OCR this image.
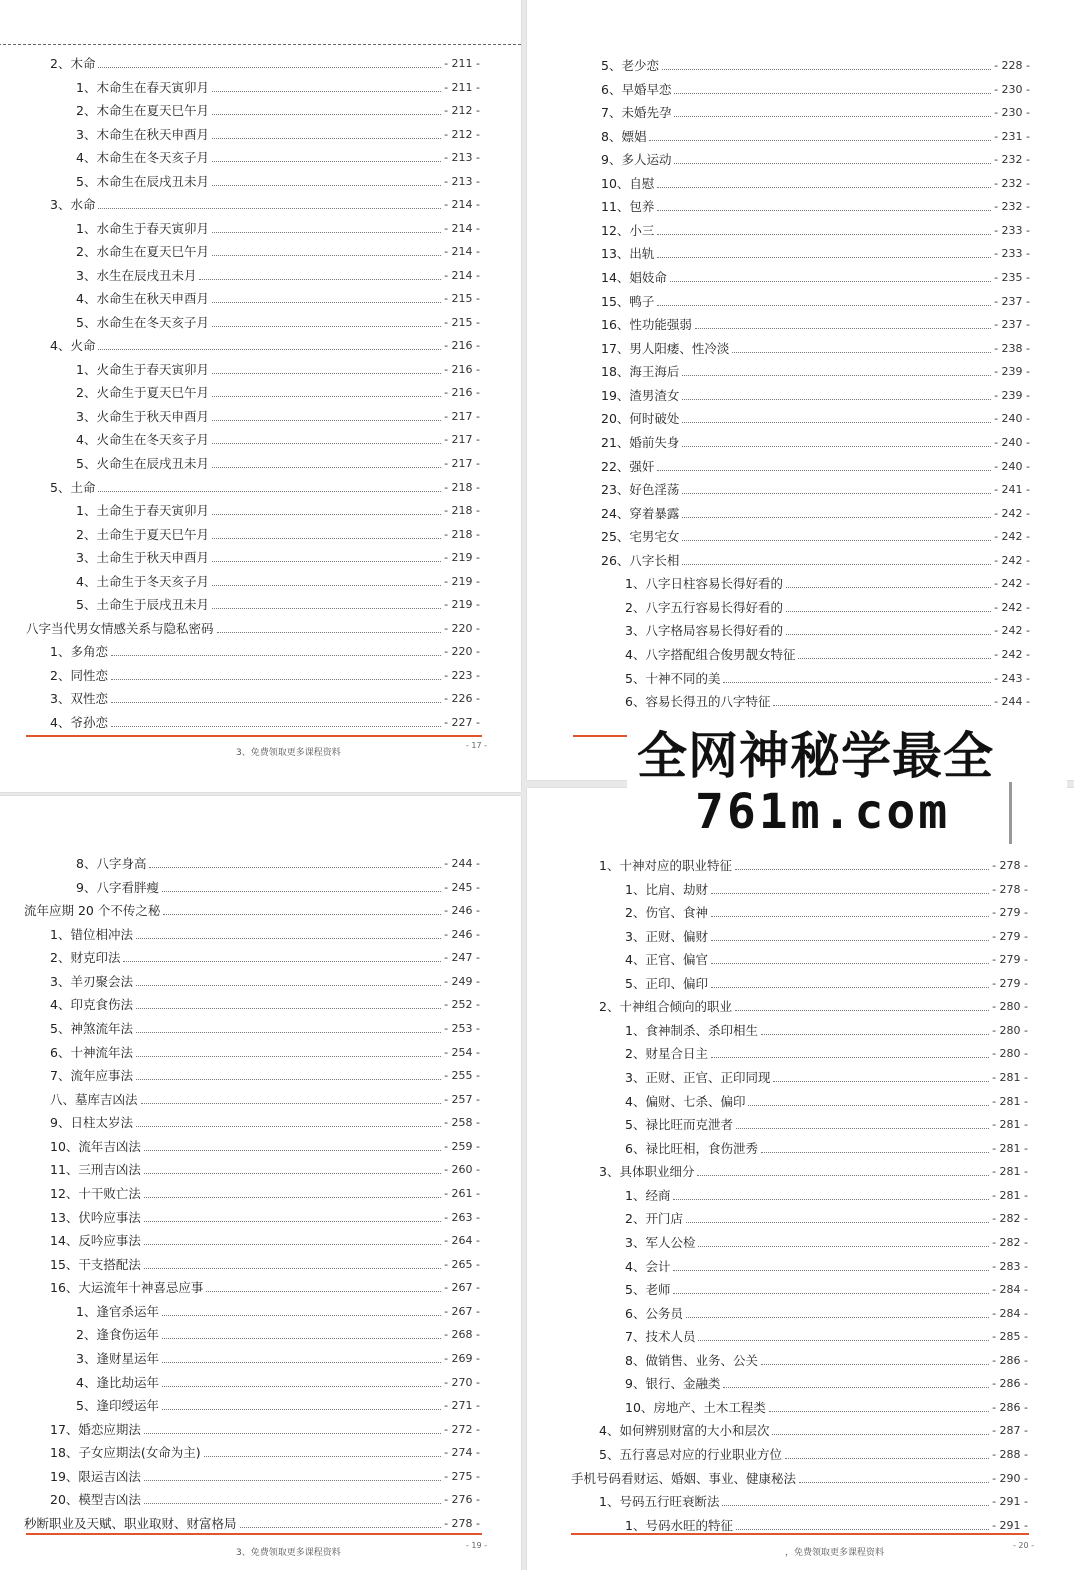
2、木命	- 211 -
1、木命生在春天寅卯月	- 211 -
2、木命生在夏天巳午月	- 212 -
3、木命生在秋天申酉月	- 212 -
4、木命生在冬天亥子月	- 213 -
5、木命生在辰戌丑未月	- 213 -
3、水命	- 214 -
1、水命生于春天寅卯月	- 214 -
2、水命生在夏天巳午月	- 214 -
3、水生在辰戌丑未月	- 214 -
4、水命生在秋天申酉月	- 215 -
5、水命生在冬天亥子月	- 215 -
4、火命	- 216 -
1、火命生于春天寅卯月	- 216 -
2、火命生于夏天巳午月	- 216 -
3、火命生于秋天申酉月	- 217 -
4、火命生在冬天亥子月	- 217 -
5、火命生在辰戌丑未月	- 217 -
5、土命	- 218 -
1、土命生于春天寅卯月	- 218 -
2、土命生于夏天巳午月	- 218 -
3、土命生于秋天申酉月	- 219 -
4、土命生于冬天亥子月	- 219 -
5、土命生于辰戌丑未月	- 219 -
八字当代男女情感关系与隐私密码	- 220 -
1、多角恋	- 220 -
2、同性恋	- 223 -
3、双性恋	- 226 -
4、爷孙恋	- 227 -
3、免费领取更多课程资料
- 17 -
5、老少恋	- 228 -
6、早婚早恋	- 230 -
7、未婚先孕	- 230 -
8、嫖娼	- 231 -
9、多人运动	- 232 -
10、自慰	- 232 -
11、包养	- 232 -
12、小三	- 233 -
13、出轨	- 233 -
14、娼妓命	- 235 -
15、鸭子	- 237 -
16、性功能强弱	- 237 -
17、男人阳痿、性冷淡	- 238 -
18、海王海后	- 239 -
19、渣男渣女	- 239 -
20、何时破处	- 240 -
21、婚前失身	- 240 -
22、强奸	- 240 -
23、好色淫荡	- 241 -
24、穿着暴露	- 242 -
25、宅男宅女	- 242 -
26、八字长相	- 242 -
1、八字日柱容易长得好看的	- 242 -
2、八字五行容易长得好看的	- 242 -
3、八字格局容易长得好看的	- 242 -
4、八字搭配组合俊男靓女特征	- 242 -
5、十神不同的美	- 243 -
6、容易长得丑的八字特征	- 244 -
8、八字身高	- 244 -
9、八字看胖瘦	- 245 -
流年应期 20 个不传之秘	- 246 -
1、错位相冲法	- 246 -
2、财克印法	- 247 -
3、羊刃聚会法	- 249 -
4、印克食伤法	- 252 -
5、神煞流年法	- 253 -
6、十神流年法	- 254 -
7、流年应事法	- 255 -
八、墓库吉凶法	- 257 -
9、日柱太岁法	- 258 -
10、流年吉凶法	- 259 -
11、三刑吉凶法	- 260 -
12、十干败亡法	- 261 -
13、伏吟应事法	- 263 -
14、反吟应事法	- 264 -
15、干支搭配法	- 265 -
16、大运流年十神喜忌应事	- 267 -
1、逢官杀运年	- 267 -
2、逢食伤运年	- 268 -
3、逢财星运年	- 269 -
4、逢比劫运年	- 270 -
5、逢印绶运年	- 271 -
17、婚恋应期法	- 272 -
18、子女应期法(女命为主)	- 274 -
19、限运吉凶法	- 275 -
20、模型吉凶法	- 276 -
秒断职业及天赋、职业取财、财富格局	- 278 -
3、免费领取更多课程资料
- 19 -
1、十神对应的职业特征	- 278 -
1、比肩、劫财	- 278 -
2、伤官、食神	- 279 -
3、正财、偏财	- 279 -
4、正官、偏官	- 279 -
5、正印、偏印	- 279 -
2、十神组合倾向的职业	- 280 -
1、食神制杀、杀印相生	- 280 -
2、财星合日主	- 280 -
3、正财、正官、正印同现	- 281 -
4、偏财、七杀、偏印	- 281 -
5、禄比旺而克泄者	- 281 -
6、禄比旺相，食伤泄秀	- 281 -
3、具体职业细分	- 281 -
1、经商	- 281 -
2、开门店	- 282 -
3、军人公检	- 282 -
4、会计	- 283 -
5、老师	- 284 -
6、公务员	- 284 -
7、技术人员	- 285 -
8、做销售、业务、公关	- 286 -
9、银行、金融类	- 286 -
10、房地产、土木工程类	- 286 -
4、如何辨别财富的大小和层次	- 287 -
5、五行喜忌对应的行业职业方位	- 288 -
手机号码看财运、婚姻、事业、健康秘法	- 290 -
1、号码五行旺衰断法	- 291 -
1、号码水旺的特征	- 291 -
，免费领取更多课程资料
- 20 -
全网神秘学最全
761m.com
